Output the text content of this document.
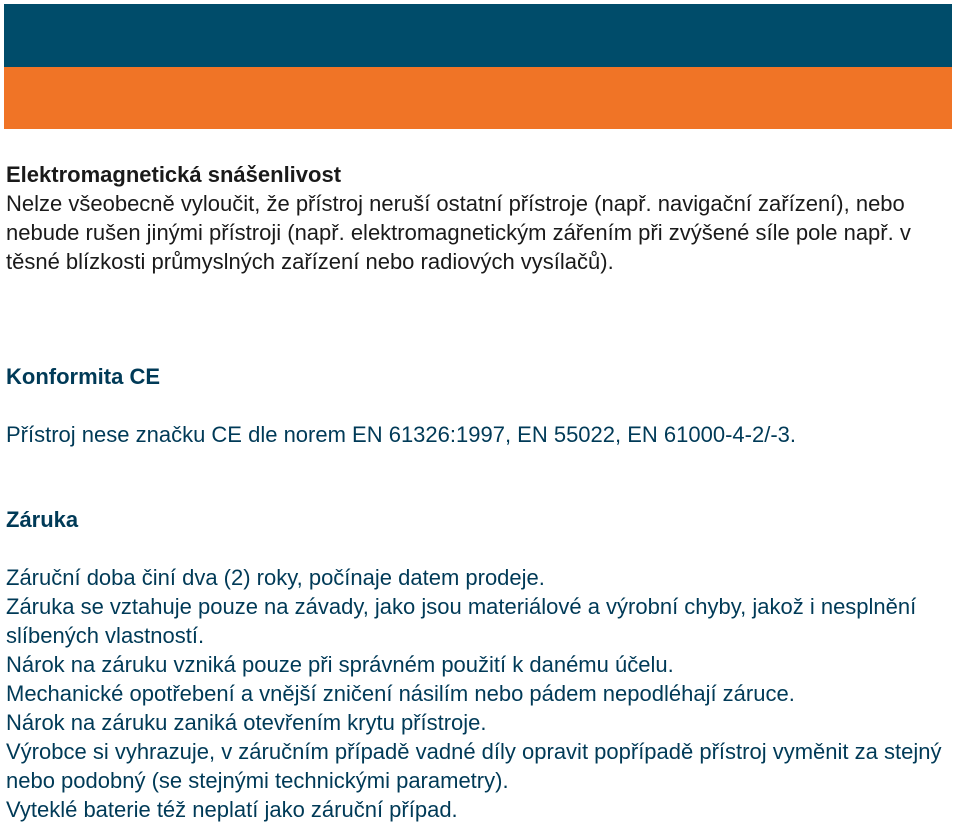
Elektromagnetická snášenlivost

Nelze všeobecně vyloučit, že přístroj neruší ostatní přístroje (např. navigační zařízení), nebo nebude rušen jinými přístroji (např. elektromagnetickým zářením při zvýšené síle pole např. v těsné blízkosti průmyslných zařízení nebo radiových vysílačů).

Konformita CE

Přístroj nese značku CE dle norem EN 61326:1997, EN 55022, EN 61000-4-2/-3.

Záruka

Záruční doba činí dva (2) roky, počínaje datem prodeje.
Záruka se vztahuje pouze na závady, jako jsou materiálové a výrobní chyby, jakož i nesplnění slíbených vlastností.
Nárok na záruku vzniká pouze při správném použití k danému účelu.
Mechanické opotřebení a vnější zničení násilím nebo pádem nepodléhají záruce.
Nárok na záruku zaniká otevřením krytu přístroje.
Výrobce si vyhrazuje, v záručním případě vadné díly opravit popřípadě přístroj vyměnit za stejný nebo podobný (se stejnými technickými parametry).
Vyteklé baterie též neplatí jako záruční případ.
